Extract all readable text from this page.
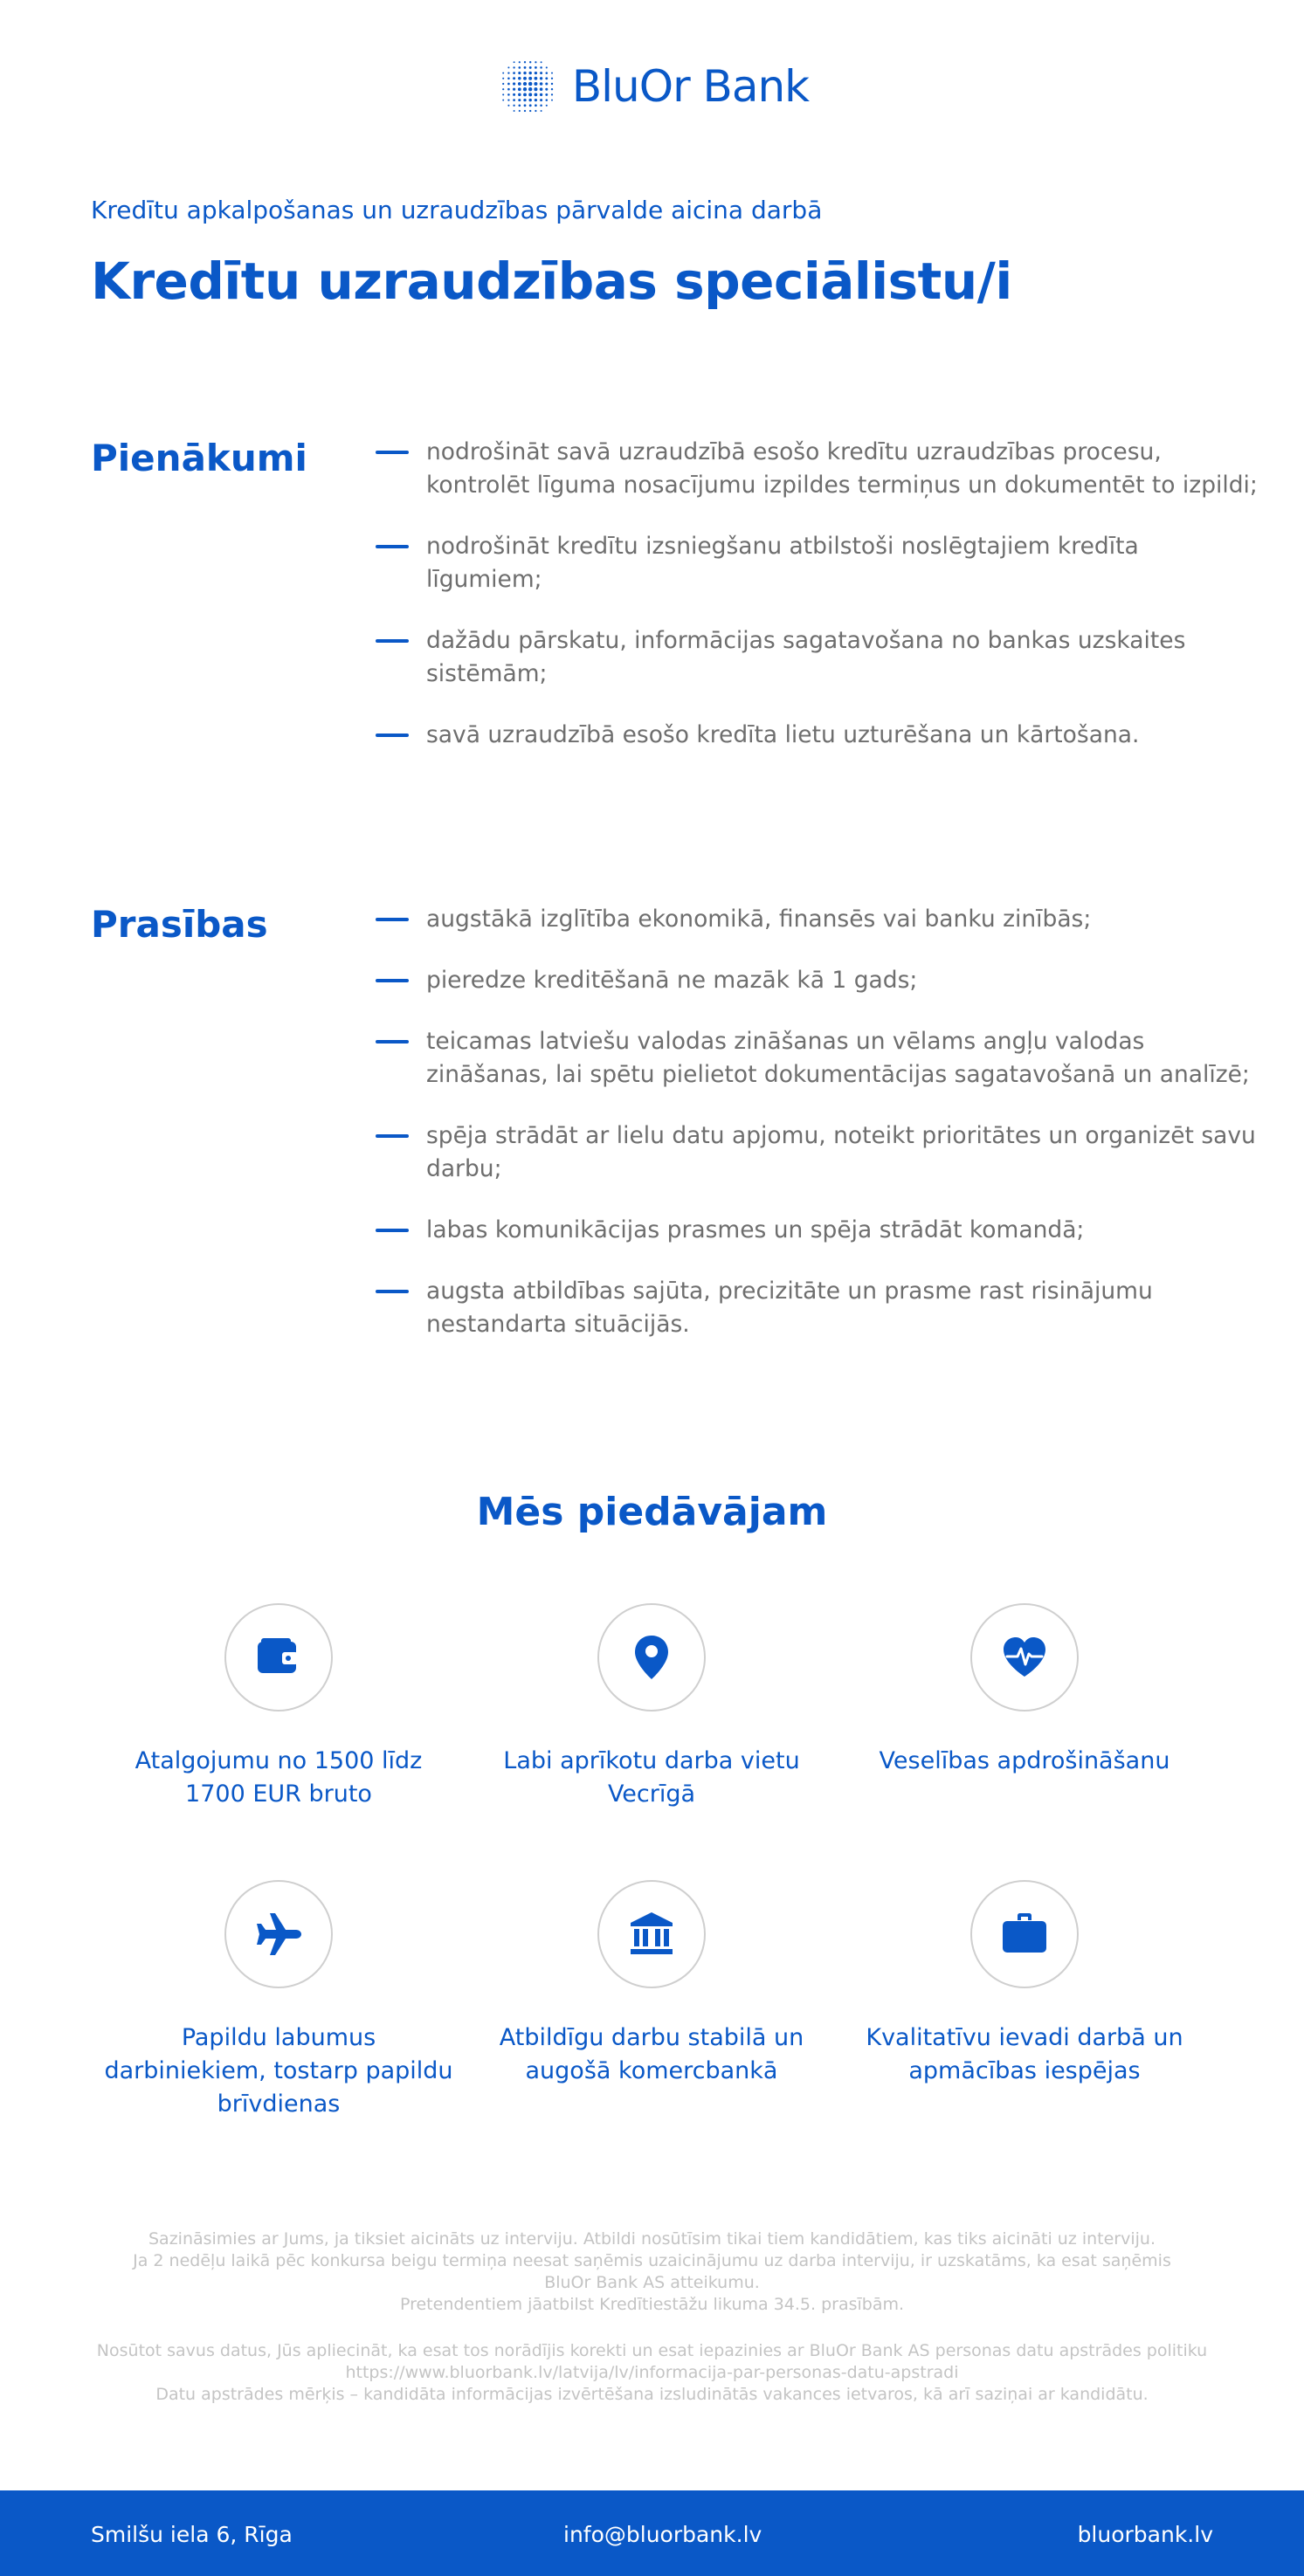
BluOr Bank
Kredītu apkalpošanas un uzraudzības pārvalde aicina darbā
Kredītu uzraudzības speciālistu/i
Pienākumi	nodrošināt savā uzraudzībā esošo kredītu uzraudzības procesu, kontrolēt līguma nosacījumu izpildes termiņus un dokumentēt to izpildi;
nodrošināt kredītu izsniegšanu atbilstoši noslēgtajiem kredīta līgumiem;
dažādu pārskatu, informācijas sagatavošana no bankas uzskaites sistēmām;
savā uzraudzībā esošo kredīta lietu uzturēšana un kārtošana.
Prasības	augstākā izglītība ekonomikā, finansēs vai banku zinībās;
pieredze kreditēšanā ne mazāk kā 1 gads;
teicamas latviešu valodas zināšanas un vēlams angļu valodas zināšanas, lai spētu pielietot dokumentācijas sagatavošanā un analīzē;
spēja strādāt ar lielu datu apjomu, noteikt prioritātes un organizēt savu darbu;
labas komunikācijas prasmes un spēja strādāt komandā;
augsta atbildības sajūta, precizitāte un prasme rast risinājumu nestandarta situācijās.
Mēs piedāvājam
Atalgojumu no 1500 līdz 1700 EUR bruto
Labi aprīkotu darba vietu Vecrīgā
Veselības apdrošināšanu
Papildu labumus darbiniekiem, tostarp papildu brīvdienas
Atbildīgu darbu stabilā un augošā komercbankā
Kvalitatīvu ievadi darbā un apmācības iespējas
Sazināsimies ar Jums, ja tiksiet aicināts uz interviju. Atbildi nosūtīsim tikai tiem kandidātiem, kas tiks aicināti uz interviju.
Ja 2 nedēļu laikā pēc konkursa beigu termiņa neesat saņēmis uzaicinājumu uz darba interviju, ir uzskatāms, ka esat saņēmis
BluOr Bank AS atteikumu.
Pretendentiem jāatbilst Kredītiestāžu likuma 34.5. prasībām.
Nosūtot savus datus, Jūs apliecināt, ka esat tos norādījis korekti un esat iepazinies ar BluOr Bank AS personas datu apstrādes politiku
https://www.bluorbank.lv/latvija/lv/informacija-par-personas-datu-apstradi
Datu apstrādes mērķis – kandidāta informācijas izvērtēšana izsludinātās vakances ietvaros, kā arī saziņai ar kandidātu.
Smilšu iela 6, Rīga	info@bluorbank.lv	bluorbank.lv
